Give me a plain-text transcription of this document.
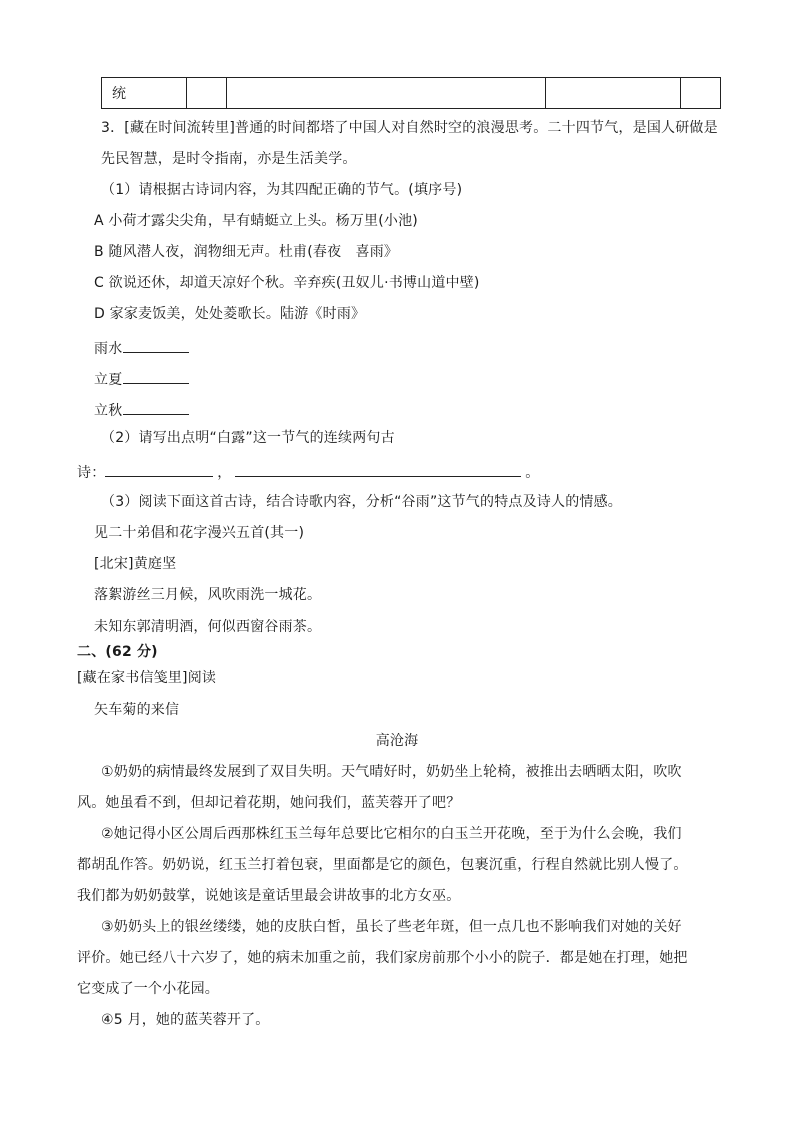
统				
3．[藏在时间流转里]普通的时间都塔了中国人对自然时空的浪漫思考。二十四节气，是国人研做是
先民智慧，是时令指南，亦是生活美学。
（1）请根据古诗词内容，为其四配正确的节气。(填序号)
A 小荷才露尖尖角，早有蜻蜓立上头。杨万里(小池)
B 随风潜人夜，润物细无声。杜甫(春夜　喜雨》
C 欲说还休，却道天凉好个秋。辛弃疾(丑奴儿·书博山道中壁)
D 家家麦饭美，处处菱歌长。陆游《时雨》
雨水
立夏
立秋
（2）请写出点明“白露”这一节气的连续两句古
诗：	，	。
（3）阅读下面这首古诗，结合诗歌内容，分析“谷雨”这节气的特点及诗人的情感。
见二十弟倡和花字漫兴五首(其一)
[北宋]黄庭坚
落絮游丝三月候，风吹雨洗一城花。
未知东郭清明酒，何似西窗谷雨茶。
二、(62 分)
[藏在家书信笺里]阅读
矢车菊的来信
高沧海
①奶奶的病情最终发展到了双目失明。天气晴好时，奶奶坐上轮椅，被推出去晒晒太阳，吹吹
风。她虽看不到，但却记着花期，她问我们，蓝芙蓉开了吧？
②她记得小区公周后西那株红玉兰每年总要比它相尔的白玉兰开花晚，至于为什么会晚，我们
都胡乱作答。奶奶说，红玉兰打着包衰，里面都是它的颜色，包裹沉重，行程自然就比别人慢了。
我们都为奶奶鼓掌，说她该是童话里最会讲故事的北方女巫。
③奶奶头上的银丝缕缕，她的皮肤白皙，虽长了些老年斑，但一点几也不影响我们对她的关好
评价。她已经八十六岁了，她的病未加重之前，我们家房前那个小小的院子．都是她在打理，她把
它变成了一个小花园。
④5 月，她的蓝芙蓉开了。
